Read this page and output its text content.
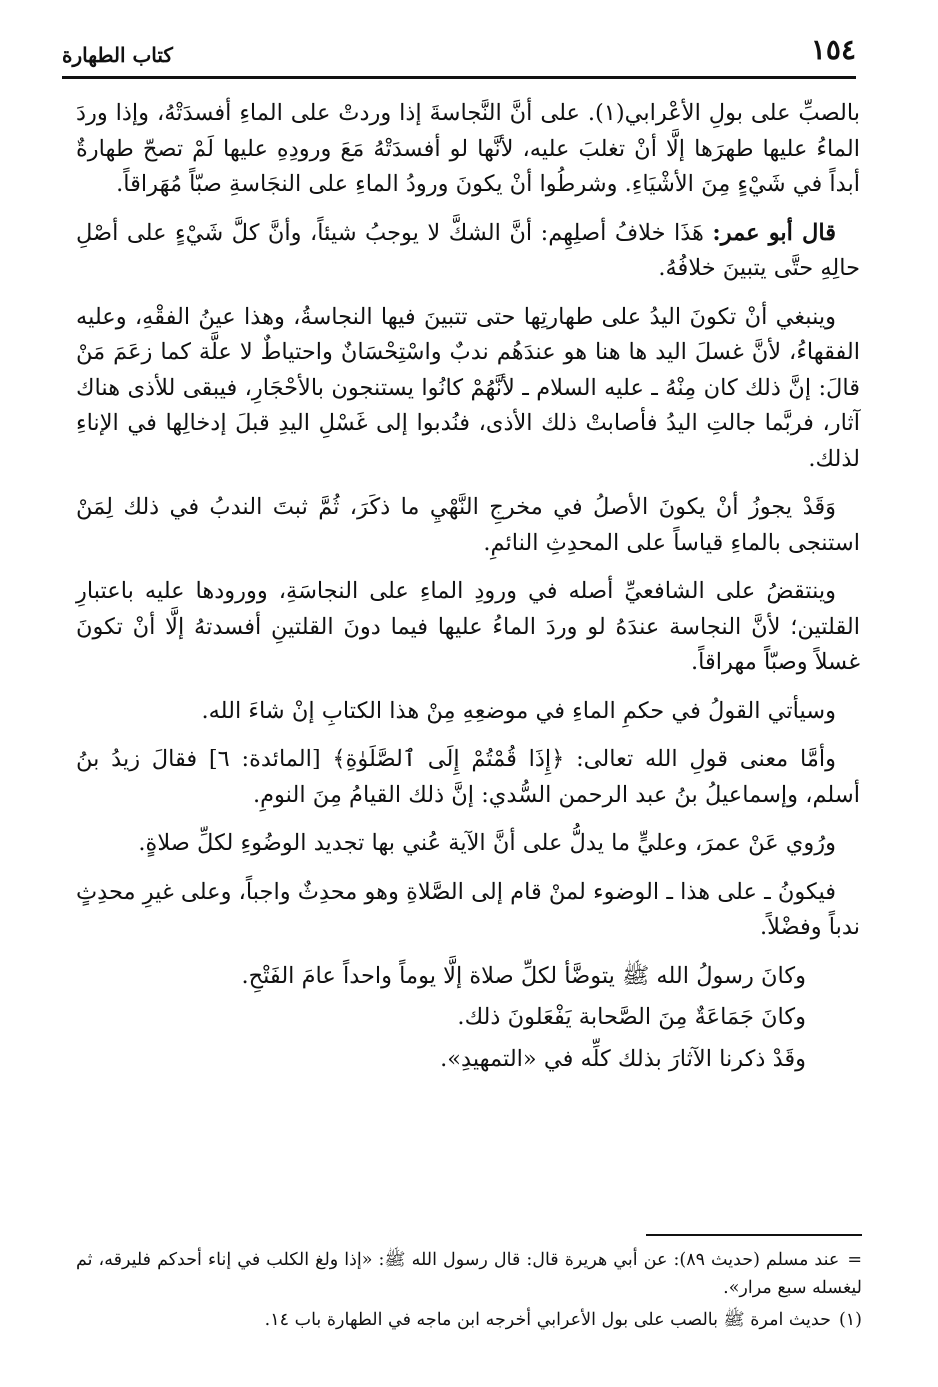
١٥٤
كتاب الطهارة

بالصبِّ على بولِ الأعْرابي(١). على أنَّ النَّجاسةَ إذا وردتْ على الماءِ أفسدَتْهُ، وإذا وردَ الماءُ عليها طهرَها إلَّا أنْ تغلبَ عليه، لأنَّها لو أفسدَتْهُ مَعَ ورودِهِ عليها لَمْ تصحّ طهارةٌ أبداً في شَيْءٍ مِنَ الأشْيَاءِ. وشرطُوا أنْ يكونَ ورودُ الماءِ على النجَاسةِ صبّاً مُهَراقاً.

قال أبو عمر: هَذَا خلافُ أصلِهِم: أنَّ الشكَّ لا يوجبُ شيئاً، وأنَّ كلَّ شَيْءٍ على أصْلِ حالِهِ حتَّى يتبينَ خلافُهُ.

وينبغي أنْ تكونَ اليدُ على طهارتِها حتى تتبينَ فيها النجاسةُ، وهذا عينُ الفقْهِ، وعليه الفقهاءُ، لأنَّ غسلَ اليد ها هنا هو عندَهُم ندبٌ واسْتِحْسَانٌ واحتياطٌ لا علَّة كما زعَمَ مَنْ قالَ: إنَّ ذلك كان مِنْهُ ـ عليه السلام ـ لأنَّهُمْ كانُوا يستنجون بالأحْجَارِ، فيبقى للأذى هناك آثار، فربَّما جالتِ اليدُ فأصابتْ ذلك الأذى، فنُدبوا إلى غَسْلِ اليدِ قبلَ إدخالِها في الإناءِ لذلك.

وَقَدْ يجوزُ أنْ يكونَ الأصلُ في مخرجِ النَّهْيِ ما ذكَرَ، ثُمَّ ثبتَ الندبُ في ذلك لِمَنْ استنجى بالماءِ قياساً على المحدِثِ النائمِ.

وينتقضُ على الشافعيِّ أصله في ورودِ الماءِ على النجاسَةِ، وورودها عليه باعتبارِ القلتين؛ لأنَّ النجاسة عندَهُ لو وردَ الماءُ عليها فيما دونَ القلتينِ أفسدتهُ إلَّا أنْ تكونَ غسلاً وصبّاً مهراقاً.

وسيأتي القولُ في حكمِ الماءِ في موضعِهِ مِنْ هذا الكتابِ إنْ شاءَ الله.

وأمَّا معنى قولِ الله تعالى: ﴿إِذَا قُمْتُمْ إِلَى ٱلصَّلَوٰةِ﴾ [المائدة: ٦] فقالَ زيدُ بنُ أسلم، وإسماعيلُ بنُ عبد الرحمن السُّدي: إنَّ ذلك القيامُ مِنَ النومِ.

ورُوي عَنْ عمرَ، وعليٍّ ما يدلُّ على أنَّ الآية عُني بها تجديد الوضُوءِ لكلِّ صلاةٍ.

فيكونُ ـ على هذا ـ الوضوء لمنْ قام إلى الصَّلاةِ وهو محدِثٌ واجباً، وعلى غيرِ محدِثٍ ندباً وفضْلاً.

وكانَ رسولُ الله ﷺ يتوضَّأ لكلِّ صلاة إلَّا يوماً واحداً عامَ الفَتْحِ.

وكانَ جَمَاعَةٌ مِنَ الصَّحابة يَفْعَلونَ ذلك.

وقَدْ ذكرنا الآثارَ بذلك كلِّه في «التمهيدِ».

=عند مسلم (حديث ٨٩): عن أبي هريرة قال: قال رسول الله ﷺ: «إذا ولغ الكلب في إناء أحدكم فليرقه، ثم ليغسله سبع مرار».

(١)حديث امرة ﷺ بالصب على بول الأعرابي أخرجه ابن ماجه في الطهارة باب ١٤.
